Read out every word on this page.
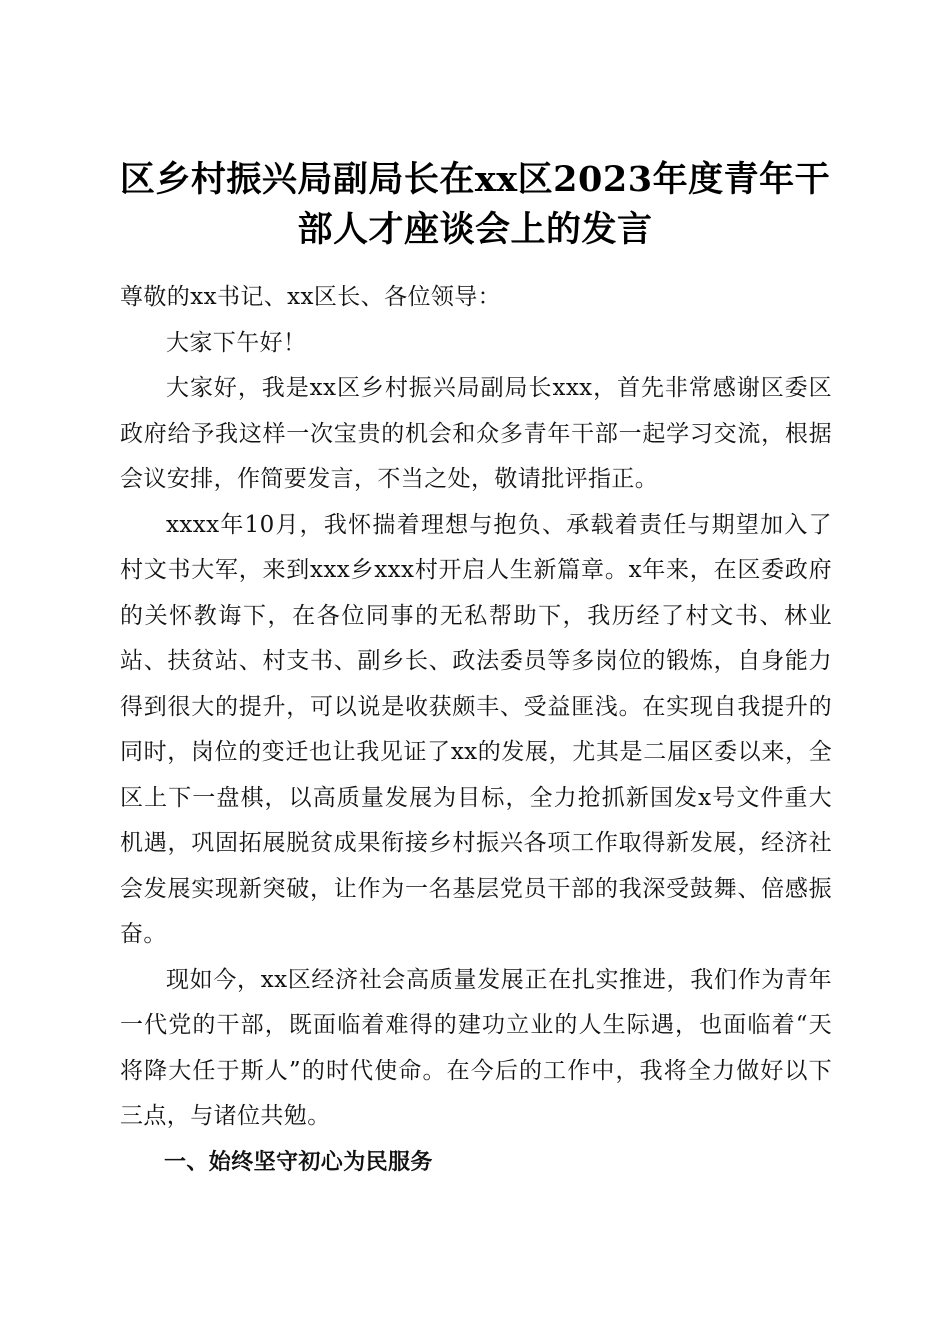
区乡村振兴局副局长在xx区2023年度青年干
部人才座谈会上的发言

尊敬的xx书记、xx区长、各位领导：

大家下午好！

大家好，我是xx区乡村振兴局副局长xxx，首先非常感谢区委区政府给予我这样一次宝贵的机会和众多青年干部一起学习交流，根据会议安排，作简要发言，不当之处，敬请批评指正。

xxxx年10月，我怀揣着理想与抱负、承载着责任与期望加入了村文书大军，来到xxx乡xxx村开启人生新篇章。x年来，在区委政府的关怀教诲下，在各位同事的无私帮助下，我历经了村文书、林业站、扶贫站、村支书、副乡长、政法委员等多岗位的锻炼，自身能力得到很大的提升，可以说是收获颇丰、受益匪浅。在实现自我提升的同时，岗位的变迁也让我见证了xx的发展，尤其是二届区委以来，全区上下一盘棋，以高质量发展为目标，全力抢抓新国发x号文件重大机遇，巩固拓展脱贫成果衔接乡村振兴各项工作取得新发展，经济社会发展实现新突破，让作为一名基层党员干部的我深受鼓舞、倍感振奋。

现如今，xx区经济社会高质量发展正在扎实推进，我们作为青年一代党的干部，既面临着难得的建功立业的人生际遇，也面临着“天将降大任于斯人”的时代使命。在今后的工作中，我将全力做好以下三点，与诸位共勉。

一、始终坚守初心为民服务
